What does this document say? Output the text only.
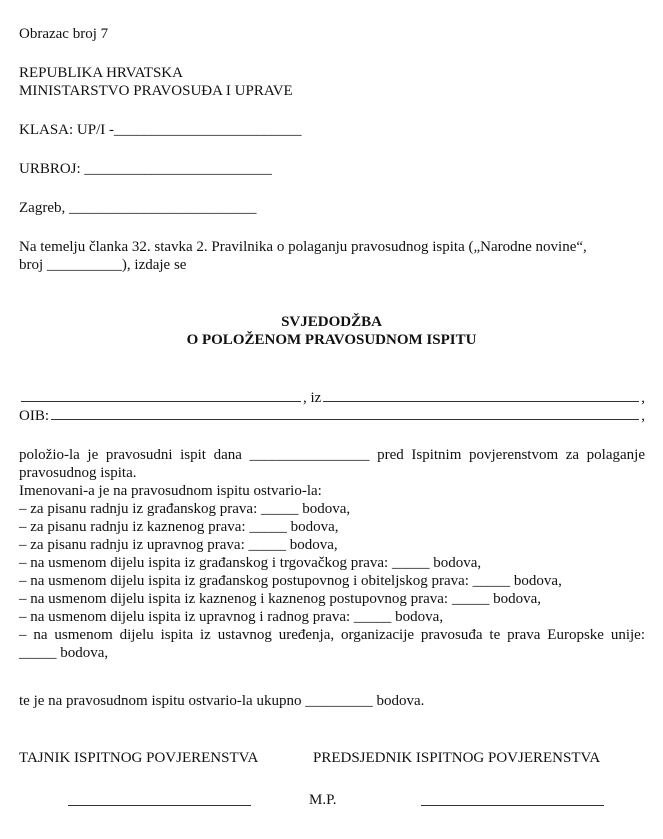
Obrazac broj 7
REPUBLIKA HRVATSKA
MINISTARSTVO PRAVOSUĐA I UPRAVE
KLASA: UP/I -_________________________
URBROJ: _________________________
Zagreb, _________________________
Na temelju članka 32. stavka 2. Pravilnika o polaganju pravosudnog ispita („Narodne novine“,
broj __________), izdaje se
SVJEDODŽBA
O POLOŽENOM PRAVOSUDNOM ISPITU
, iz	,
OIB:	,
položio-la je pravosudni ispit dana ________________ pred Ispitnim povjerenstvom za polaganje pravosudnog ispita.
Imenovani-a je na pravosudnom ispitu ostvario-la:
– za pisanu radnju iz građanskog prava: _____ bodova,
– za pisanu radnju iz kaznenog prava: _____ bodova,
– za pisanu radnju iz upravnog prava: _____ bodova,
– na usmenom dijelu ispita iz građanskog i trgovačkog prava: _____ bodova,
– na usmenom dijelu ispita iz građanskog postupovnog i obiteljskog prava: _____ bodova,
– na usmenom dijelu ispita iz kaznenog i kaznenog postupovnog prava: _____ bodova,
– na usmenom dijelu ispita iz upravnog i radnog prava: _____ bodova,
– na usmenom dijelu ispita iz ustavnog uređenja, organizacije pravosuđa te prava Europske unije: _____ bodova,
te je na pravosudnom ispitu ostvario-la ukupno _________ bodova.
TAJNIK ISPITNOG POVJERENSTVA	PREDSJEDNIK ISPITNOG POVJERENSTVA
M.P.
